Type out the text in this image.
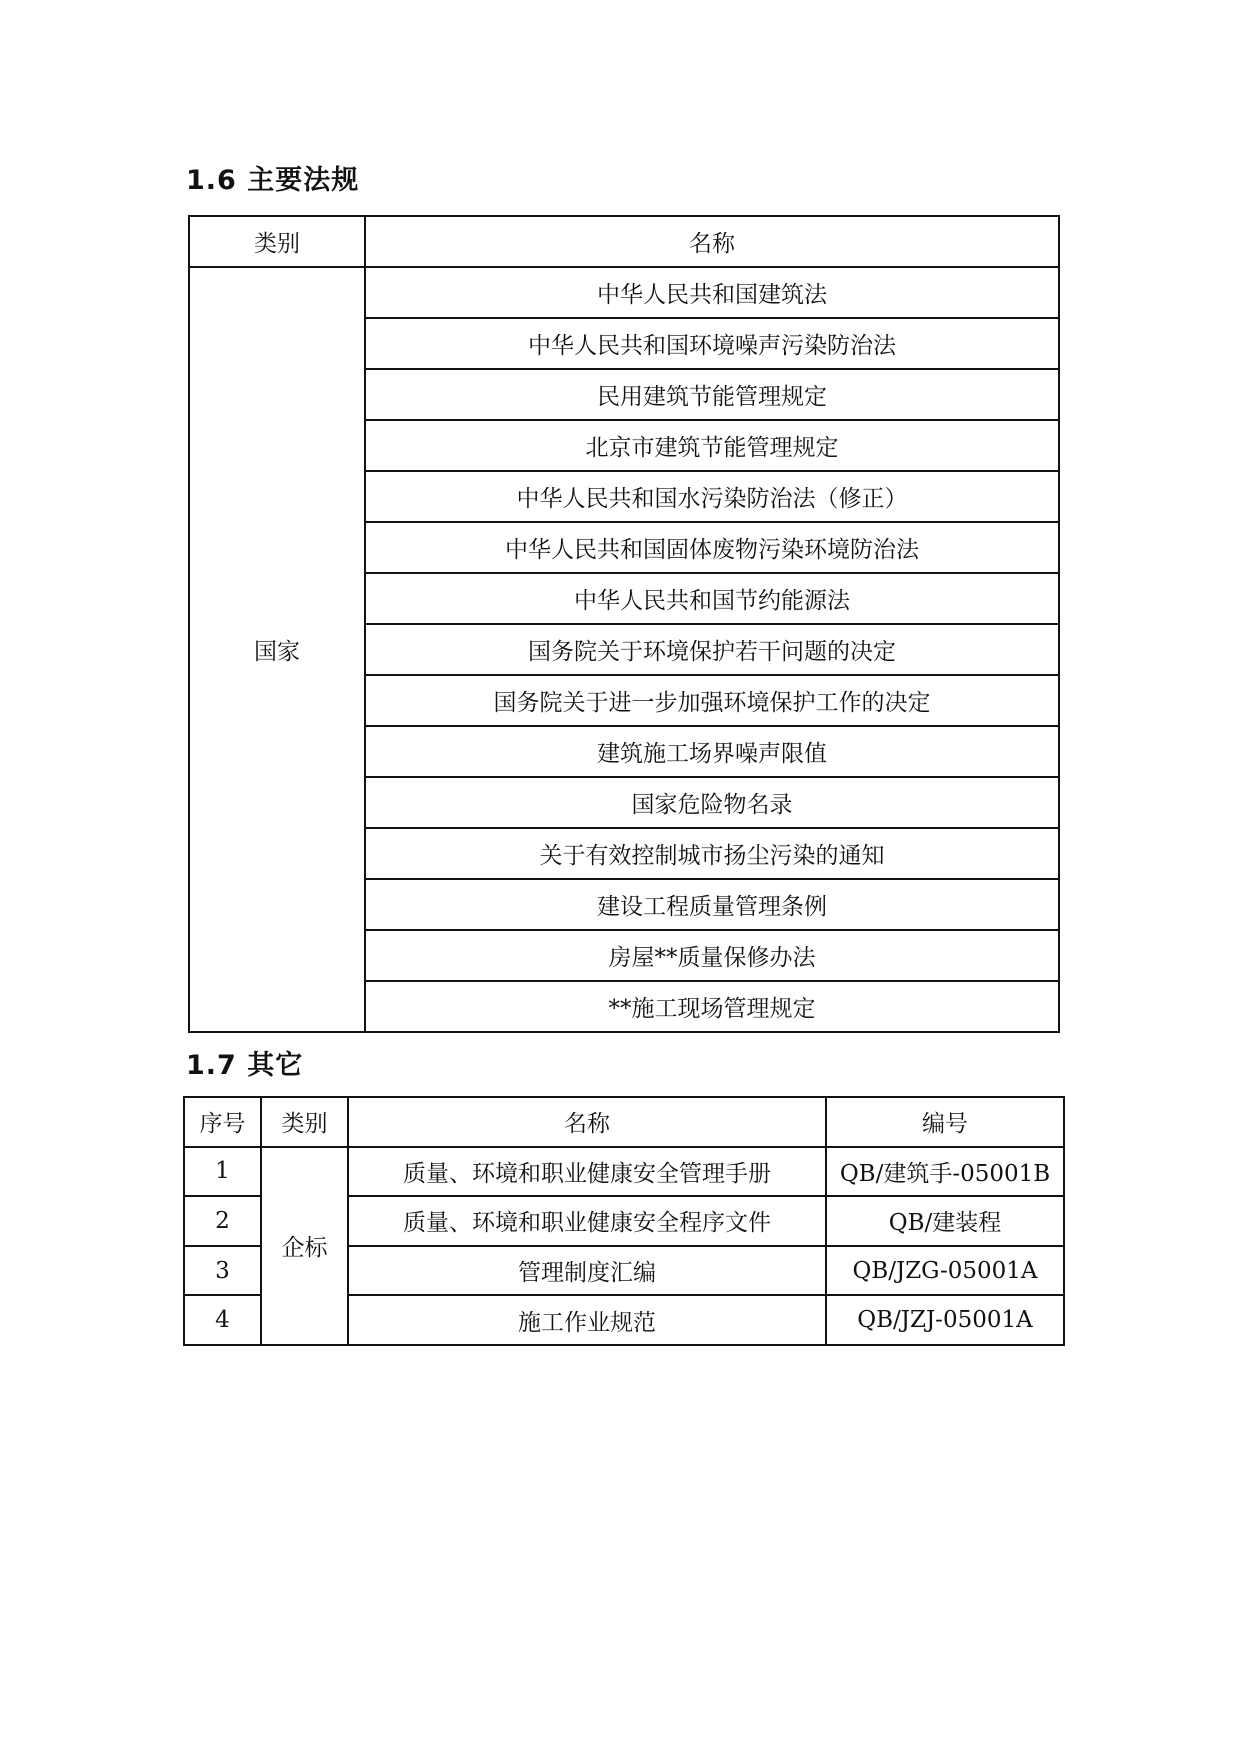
1.6 主要法规
类别	名称
国家	中华人民共和国建筑法
	中华人民共和国环境噪声污染防治法
	民用建筑节能管理规定
	北京市建筑节能管理规定
	中华人民共和国水污染防治法（修正）
	中华人民共和国固体废物污染环境防治法
	中华人民共和国节约能源法
	国务院关于环境保护若干问题的决定
	国务院关于进一步加强环境保护工作的决定
	建筑施工场界噪声限值
	国家危险物名录
	关于有效控制城市扬尘污染的通知
	建设工程质量管理条例
	房屋**质量保修办法
	**施工现场管理规定
1.7 其它
序号	类别	名称	编号
1	企标	质量、环境和职业健康安全管理手册	QB/建筑手-05001B
2		质量、环境和职业健康安全程序文件	QB/建装程
3		管理制度汇编	QB/JZG-05001A
4		施工作业规范	QB/JZJ-05001A
